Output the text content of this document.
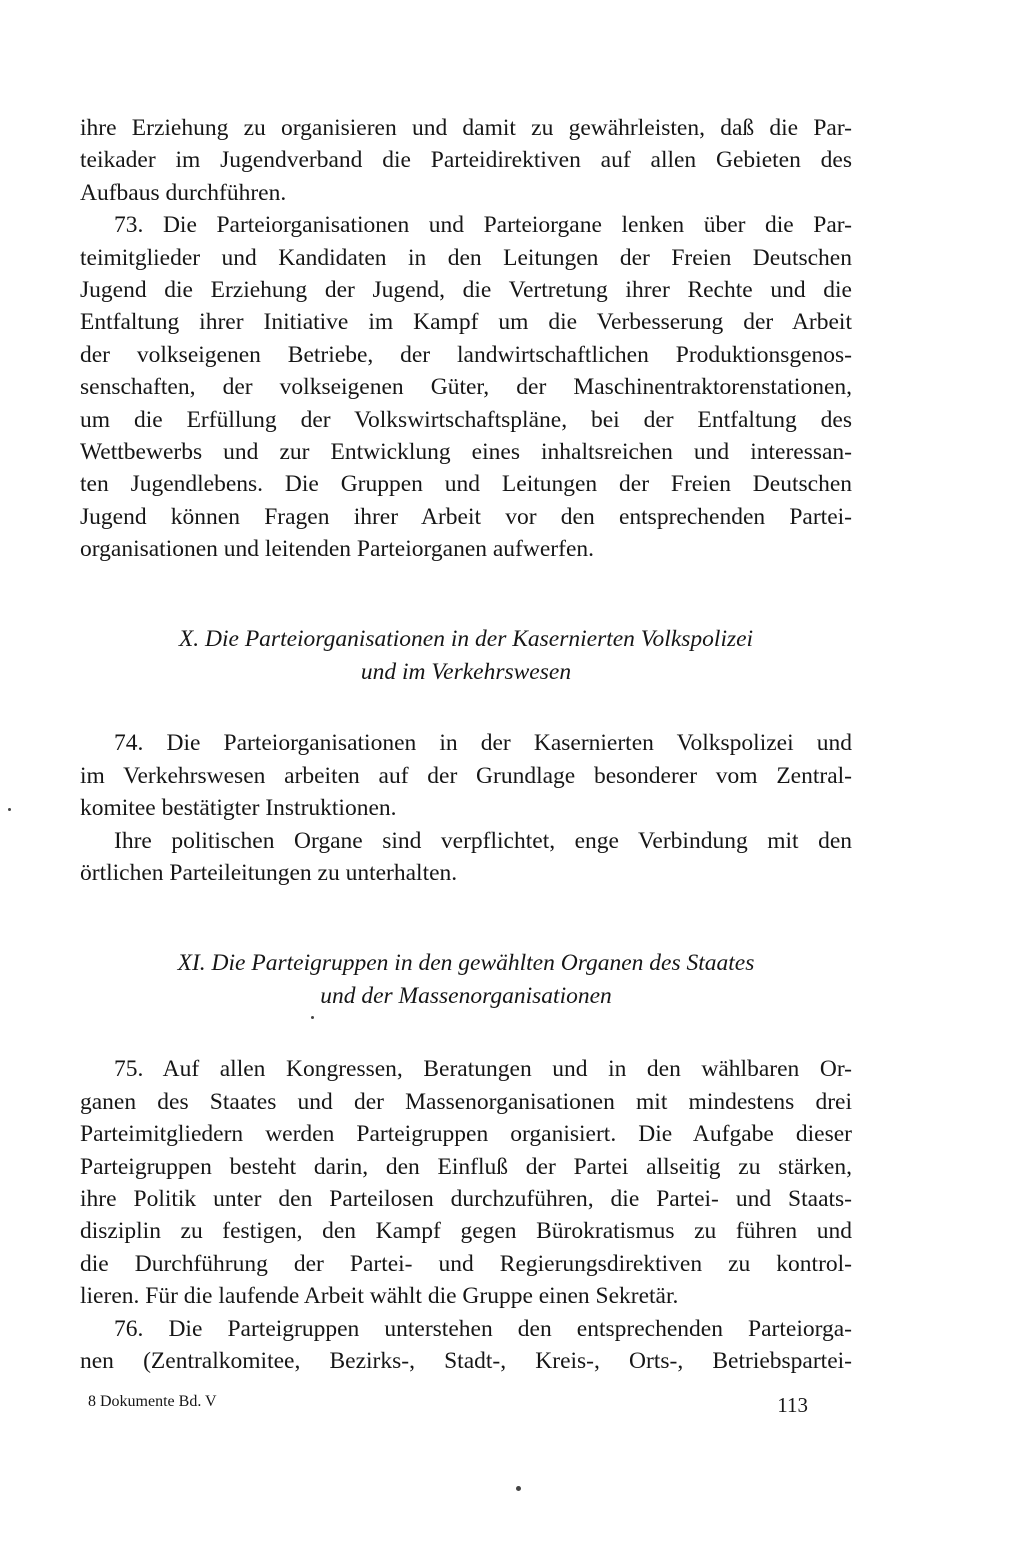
ihre Erziehung zu organisieren und damit zu gewährleisten, daß die Par-
teikader im Jugendverband die Parteidirektiven auf allen Gebieten des
Aufbaus durchführen.
73. Die Parteiorganisationen und Parteiorgane lenken über die Par-
teimitglieder und Kandidaten in den Leitungen der Freien Deutschen
Jugend die Erziehung der Jugend, die Vertretung ihrer Rechte und die
Entfaltung ihrer Initiative im Kampf um die Verbesserung der Arbeit
der volkseigenen Betriebe, der landwirtschaftlichen Produktionsgenos-
senschaften, der volkseigenen Güter, der Maschinentraktorenstationen,
um die Erfüllung der Volkswirtschaftspläne, bei der Entfaltung des
Wettbewerbs und zur Entwicklung eines inhaltsreichen und interessan-
ten Jugendlebens. Die Gruppen und Leitungen der Freien Deutschen
Jugend können Fragen ihrer Arbeit vor den entsprechenden Partei-
organisationen und leitenden Parteiorganen aufwerfen.
X. Die Parteiorganisationen in der Kasernierten Volkspolizei
und im Verkehrswesen
74. Die Parteiorganisationen in der Kasernierten Volkspolizei und
im Verkehrswesen arbeiten auf der Grundlage besonderer vom Zentral-
komitee bestätigter Instruktionen.
Ihre politischen Organe sind verpflichtet, enge Verbindung mit den
örtlichen Parteileitungen zu unterhalten.
XI. Die Parteigruppen in den gewählten Organen des Staates
und der Massenorganisationen
75. Auf allen Kongressen, Beratungen und in den wählbaren Or-
ganen des Staates und der Massenorganisationen mit mindestens drei
Parteimitgliedern werden Parteigruppen organisiert. Die Aufgabe dieser
Parteigruppen besteht darin, den Einfluß der Partei allseitig zu stärken,
ihre Politik unter den Parteilosen durchzuführen, die Partei- und Staats-
disziplin zu festigen, den Kampf gegen Bürokratismus zu führen und
die Durchführung der Partei- und Regierungsdirektiven zu kontrol-
lieren. Für die laufende Arbeit wählt die Gruppe einen Sekretär.
76. Die Parteigruppen unterstehen den entsprechenden Parteiorga-
nen (Zentralkomitee, Bezirks-, Stadt-, Kreis-, Orts-, Betriebspartei-
8 Dokumente Bd. V	113
